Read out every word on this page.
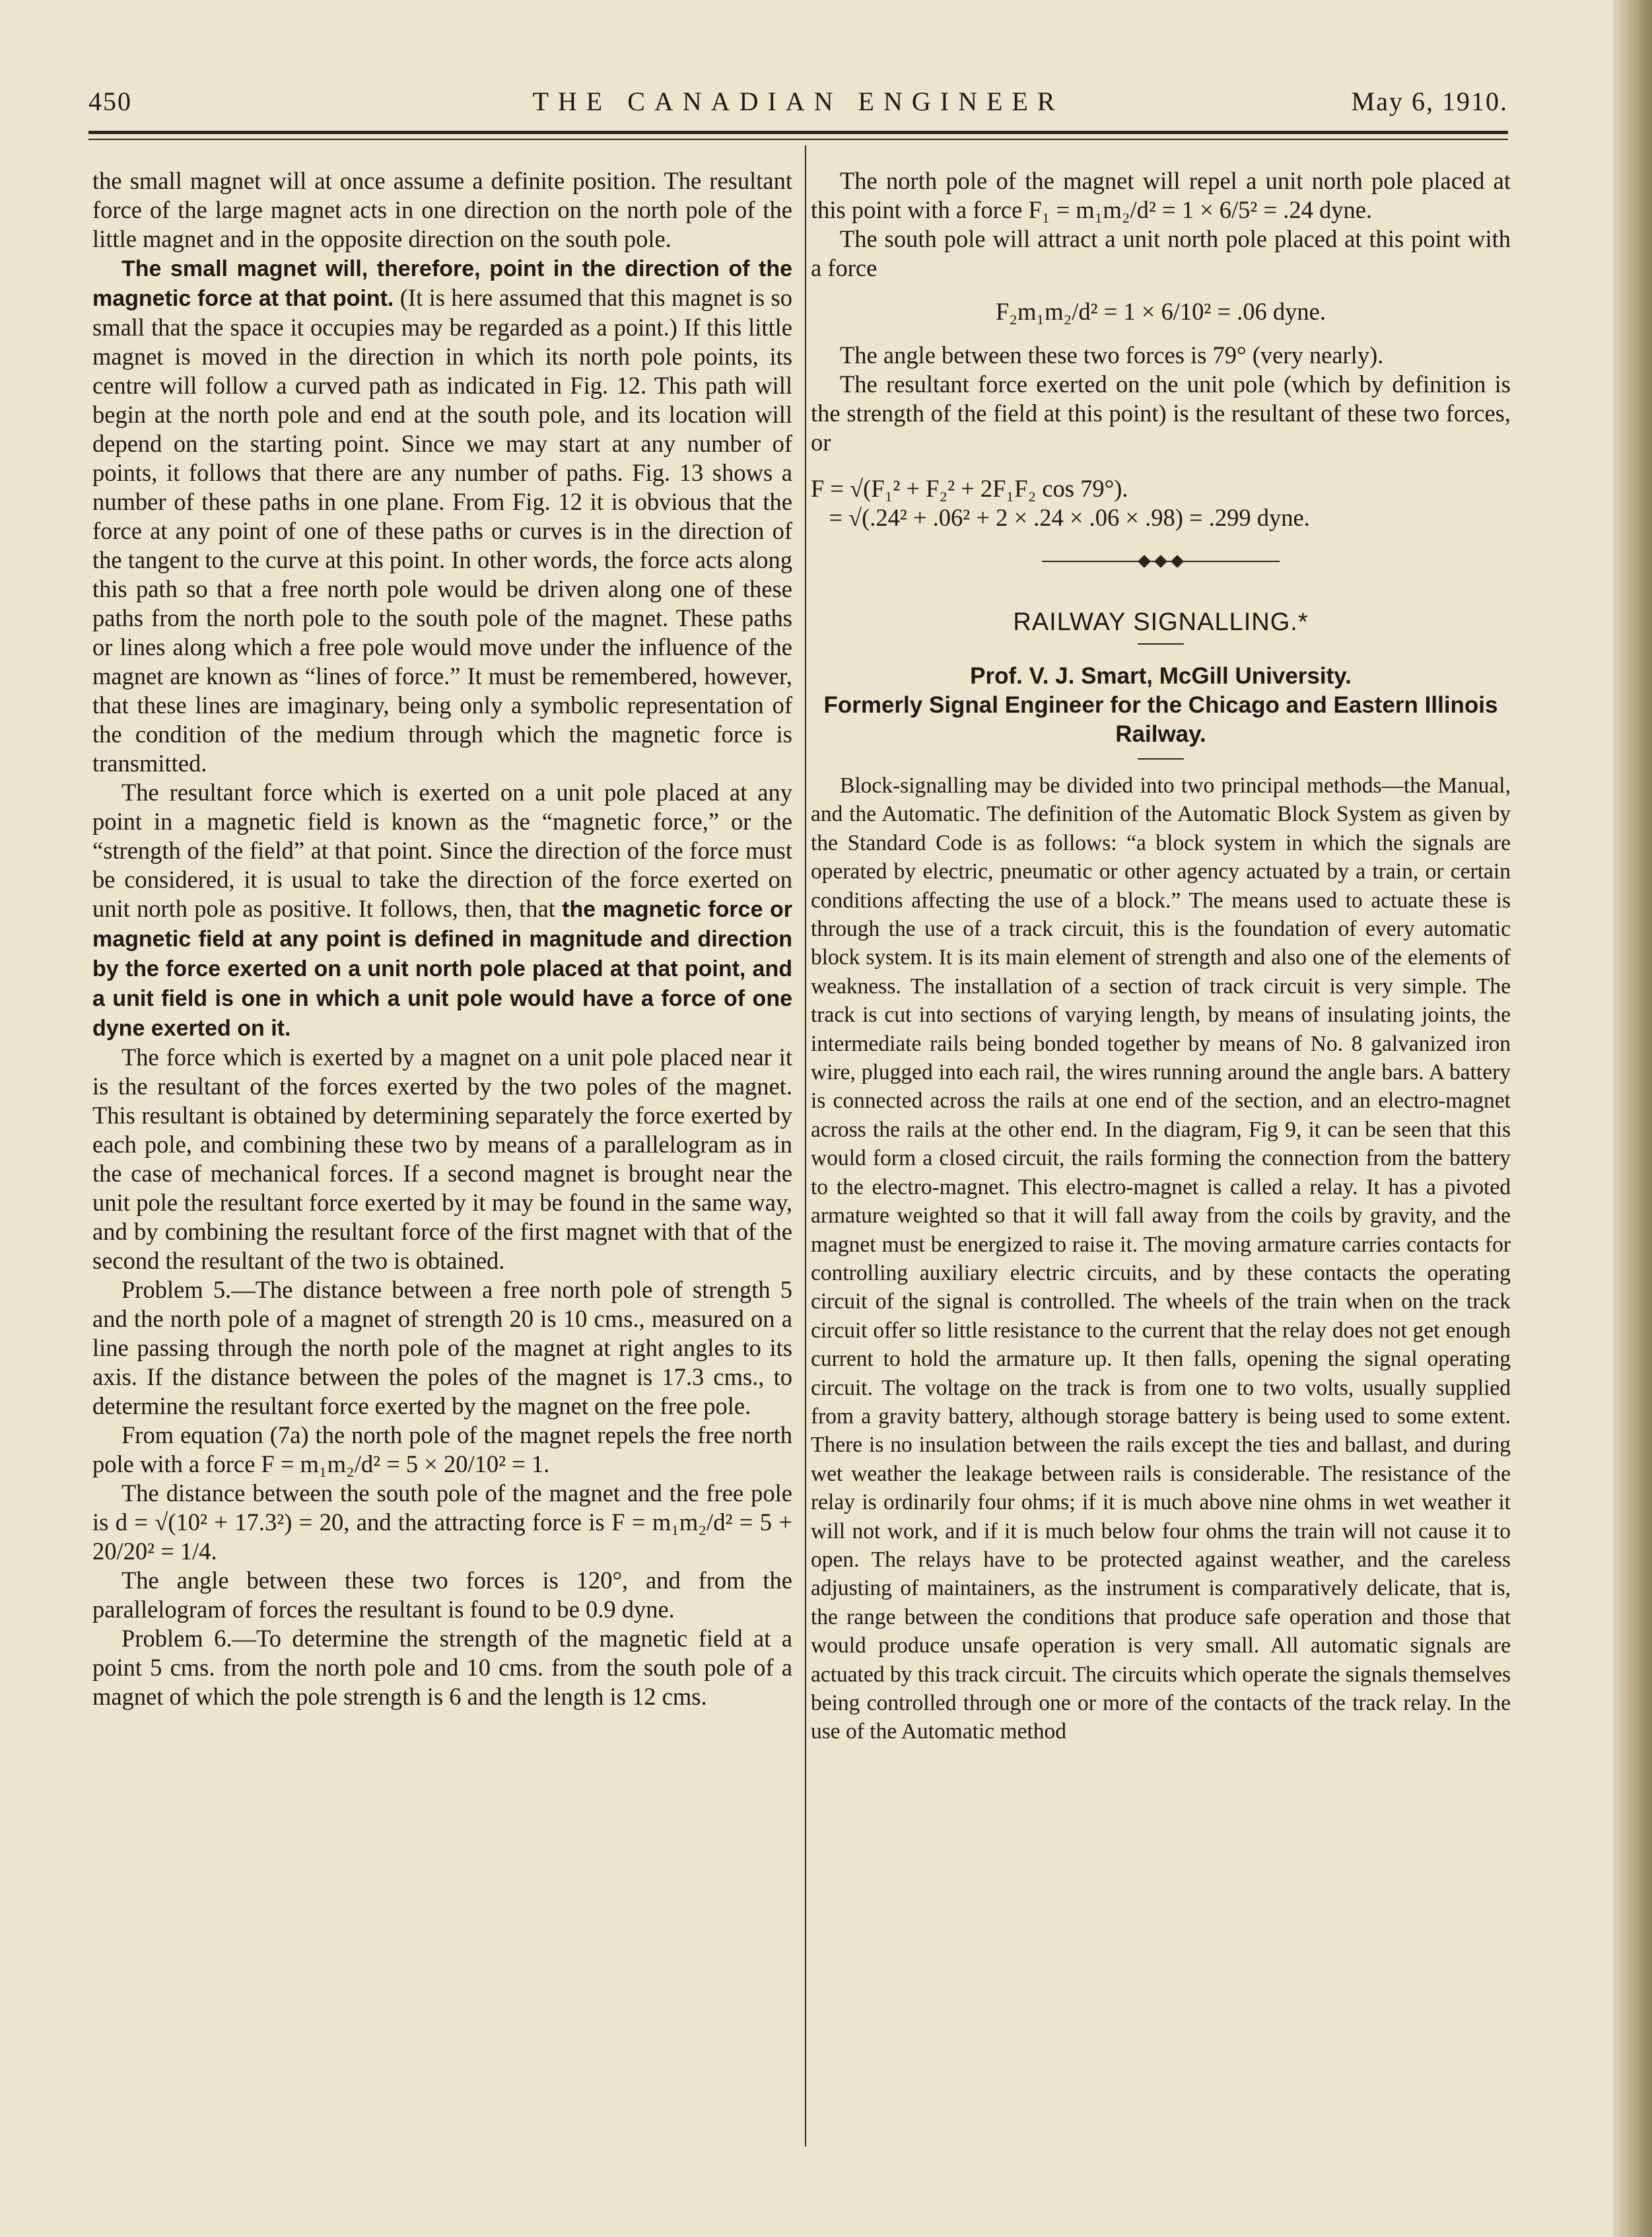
450	THE CANADIAN ENGINEER	May 6, 1910.

the small magnet will at once assume a definite position. The resultant force of the large magnet acts in one direction on the north pole of the little magnet and in the opposite direction on the south pole.

The small magnet will, therefore, point in the direction of the magnetic force at that point. (It is here assumed that this magnet is so small that the space it occupies may be regarded as a point.) If this little magnet is moved in the direction in which its north pole points, its centre will follow a curved path as indicated in Fig. 12. This path will begin at the north pole and end at the south pole, and its location will depend on the starting point. Since we may start at any number of points, it follows that there are any number of paths. Fig. 13 shows a number of these paths in one plane. From Fig. 12 it is obvious that the force at any point of one of these paths or curves is in the direction of the tangent to the curve at this point. In other words, the force acts along this path so that a free north pole would be driven along one of these paths from the north pole to the south pole of the magnet. These paths or lines along which a free pole would move under the influence of the magnet are known as “lines of force.” It must be remembered, however, that these lines are imaginary, being only a symbolic representation of the condition of the medium through which the magnetic force is transmitted.

The resultant force which is exerted on a unit pole placed at any point in a magnetic field is known as the “magnetic force,” or the “strength of the field” at that point. Since the direction of the force must be considered, it is usual to take the direction of the force exerted on unit north pole as positive. It follows, then, that the magnetic force or magnetic field at any point is defined in magnitude and direction by the force exerted on a unit north pole placed at that point, and a unit field is one in which a unit pole would have a force of one dyne exerted on it.

The force which is exerted by a magnet on a unit pole placed near it is the resultant of the forces exerted by the two poles of the magnet. This resultant is obtained by determining separately the force exerted by each pole, and combining these two by means of a parallelogram as in the case of mechanical forces. If a second magnet is brought near the unit pole the resultant force exerted by it may be found in the same way, and by combining the resultant force of the first magnet with that of the second the resultant of the two is obtained.

Problem 5.—The distance between a free north pole of strength 5 and the north pole of a magnet of strength 20 is 10 cms., measured on a line passing through the north pole of the magnet at right angles to its axis. If the distance between the poles of the magnet is 17.3 cms., to determine the resultant force exerted by the magnet on the free pole.

From equation (7a) the north pole of the magnet repels the free north pole with a force F = m₁m₂/d² = 5 × 20/10² = 1.

The distance between the south pole of the magnet and the free pole is d = √(10² + 17.3²) = 20, and the attracting force is F = m₁m₂/d² = 5 + 20/20² = 1/4.

The angle between these two forces is 120°, and from the parallelogram of forces the resultant is found to be 0.9 dyne.

Problem 6.—To determine the strength of the magnetic field at a point 5 cms. from the north pole and 10 cms. from the south pole of a magnet of which the pole strength is 6 and the length is 12 cms.

The north pole of the magnet will repel a unit north pole placed at this point with a force F₁ = m₁m₂/d² = 1 × 6/5² = .24 dyne.

The south pole will attract a unit north pole placed at this point with a force

F₂m₁m₂/d² = 1 × 6/10² = .06 dyne.

The angle between these two forces is 79° (very nearly).

The resultant force exerted on the unit pole (which by definition is the strength of the field at this point) is the resultant of these two forces, or

F = √(F₁² + F₂² + 2F₁F₂ cos 79°).

= √(.24² + .06² + 2 × .24 × .06 × .98) = .299 dyne.

RAILWAY SIGNALLING.*

Prof. V. J. Smart, McGill University.

Formerly Signal Engineer for the Chicago and Eastern Illinois Railway.

Block-signalling may be divided into two principal methods—the Manual, and the Automatic. The definition of the Automatic Block System as given by the Standard Code is as follows: “a block system in which the signals are operated by electric, pneumatic or other agency actuated by a train, or certain conditions affecting the use of a block.” The means used to actuate these is through the use of a track circuit, this is the foundation of every automatic block system. It is its main element of strength and also one of the elements of weakness. The installation of a section of track circuit is very simple. The track is cut into sections of varying length, by means of insulating joints, the intermediate rails being bonded together by means of No. 8 galvanized iron wire, plugged into each rail, the wires running around the angle bars. A battery is connected across the rails at one end of the section, and an electro-magnet across the rails at the other end. In the diagram, Fig 9, it can be seen that this would form a closed circuit, the rails forming the connection from the battery to the electro-magnet. This electro-magnet is called a relay. It has a pivoted armature weighted so that it will fall away from the coils by gravity, and the magnet must be energized to raise it. The moving armature carries contacts for controlling auxiliary electric circuits, and by these contacts the operating circuit of the signal is controlled. The wheels of the train when on the track circuit offer so little resistance to the current that the relay does not get enough current to hold the armature up. It then falls, opening the signal operating circuit. The voltage on the track is from one to two volts, usually supplied from a gravity battery, although storage battery is being used to some extent. There is no insulation between the rails except the ties and ballast, and during wet weather the leakage between rails is considerable. The resistance of the relay is ordinarily four ohms; if it is much above nine ohms in wet weather it will not work, and if it is much below four ohms the train will not cause it to open. The relays have to be protected against weather, and the careless adjusting of maintainers, as the instrument is comparatively delicate, that is, the range between the conditions that produce safe operation and those that would produce unsafe operation is very small. All automatic signals are actuated by this track circuit. The circuits which operate the signals themselves being controlled through one or more of the contacts of the track relay. In the use of the Automatic method
